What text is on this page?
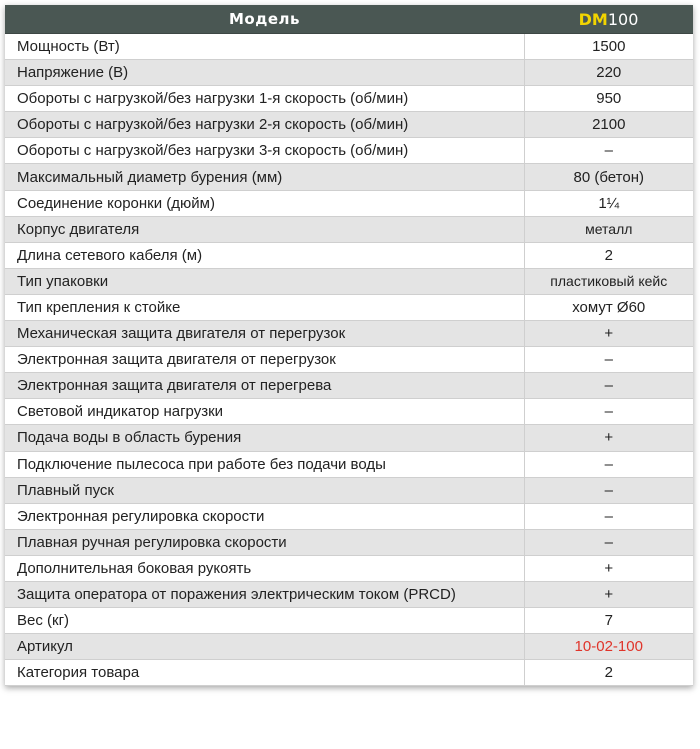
Модель	DM100
Мощность (Вт)	1500
Напряжение (В)	220
Обороты с нагрузкой/без нагрузки 1-я скорость (об/мин)	950
Обороты с нагрузкой/без нагрузки 2-я скорость (об/мин)	2100
Обороты с нагрузкой/без нагрузки 3-я скорость (об/мин)	–
Максимальный диаметр бурения (мм)	80 (бетон)
Соединение коронки (дюйм)	1¼
Корпус двигателя	металл
Длина сетевого кабеля (м)	2
Тип упаковки	пластиковый кейс
Тип крепления к стойке	хомут Ø60
Механическая защита двигателя от перегрузок	+
Электронная защита двигателя от перегрузок	–
Электронная защита двигателя от перегрева	–
Световой индикатор нагрузки	–
Подача воды в область бурения	+
Подключение пылесоса при работе без подачи воды	–
Плавный пуск	–
Электронная регулировка скорости	–
Плавная ручная регулировка скорости	–
Дополнительная боковая рукоять	+
Защита оператора от поражения электрическим током (PRCD)	+
Вес (кг)	7
Артикул	10-02-100
Категория товара	2
